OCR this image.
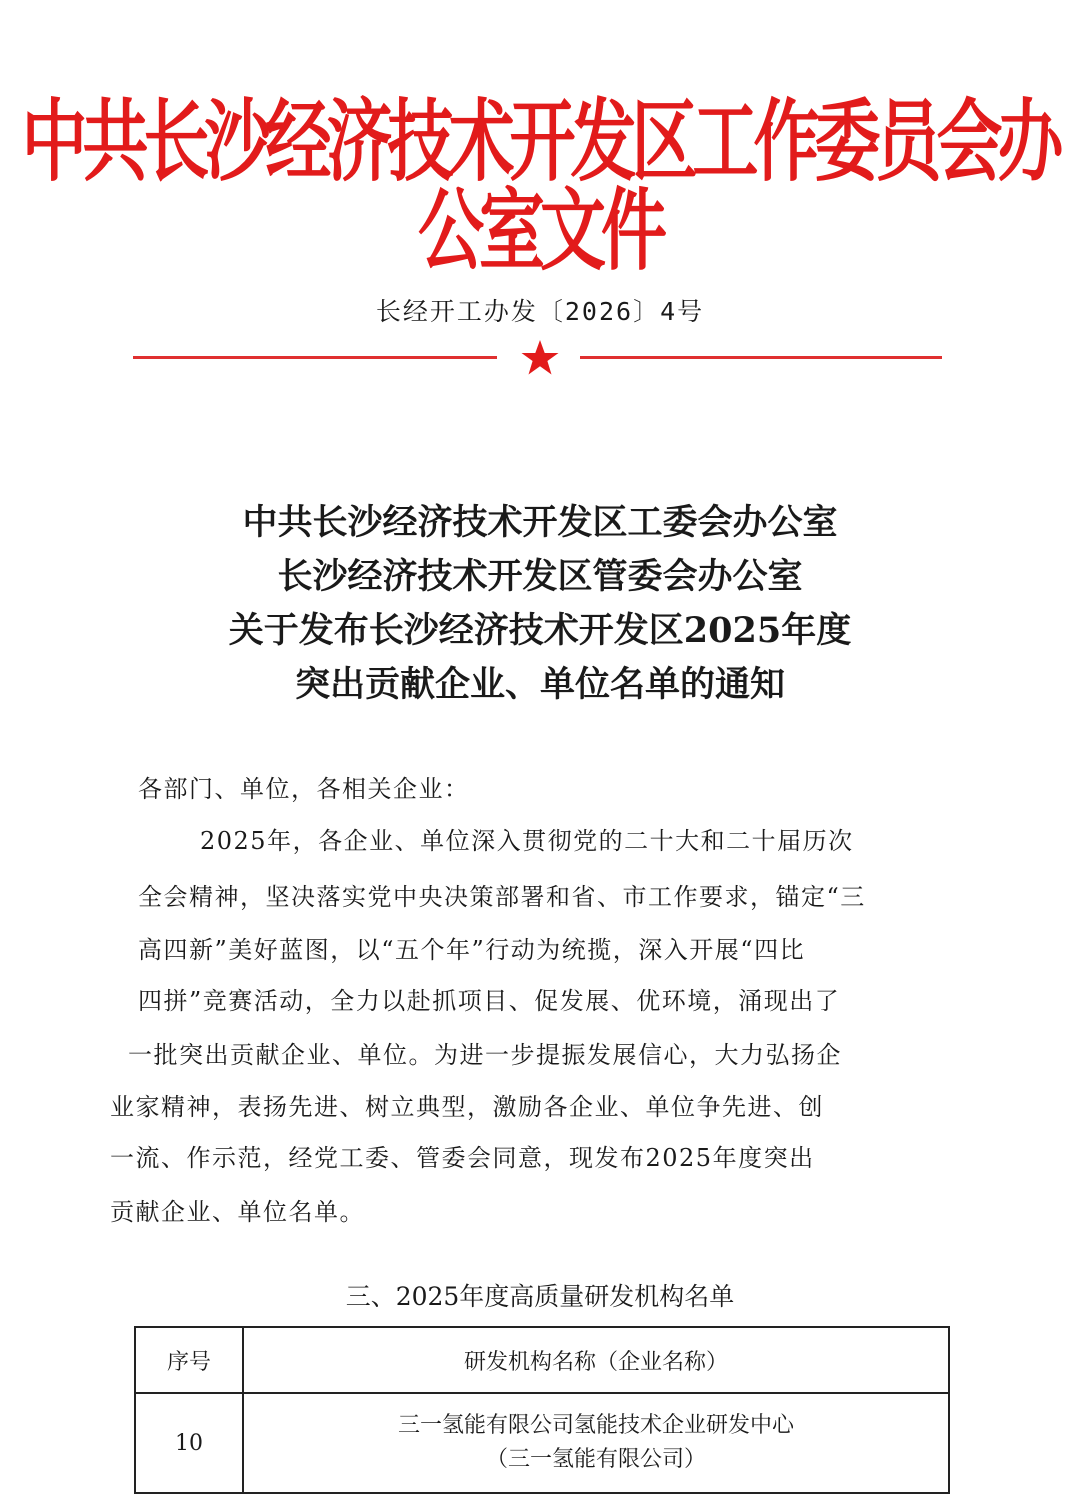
中共长沙经济技术开发区工作委员会办公室文件
长经开工办发〔2026〕4号
中共长沙经济技术开发区工委会办公室
长沙经济技术开发区管委会办公室
关于发布长沙经济技术开发区2025年度
突出贡献企业、单位名单的通知
各部门、单位，各相关企业：
2025年，各企业、单位深入贯彻党的二十大和二十届历次
全会精神，坚决落实党中央决策部署和省、市工作要求，锚定“三
高四新”美好蓝图，以“五个年”行动为统揽，深入开展“四比
四拼”竞赛活动，全力以赴抓项目、促发展、优环境，涌现出了
一批突出贡献企业、单位。为进一步提振发展信心，大力弘扬企
业家精神，表扬先进、树立典型，激励各企业、单位争先进、创
一流、作示范，经党工委、管委会同意，现发布2025年度突出
贡献企业、单位名单。
三、2025年度高质量研发机构名单
序号	研发机构名称（企业名称）
10	三一氢能有限公司氢能技术企业研发中心
（三一氢能有限公司）
